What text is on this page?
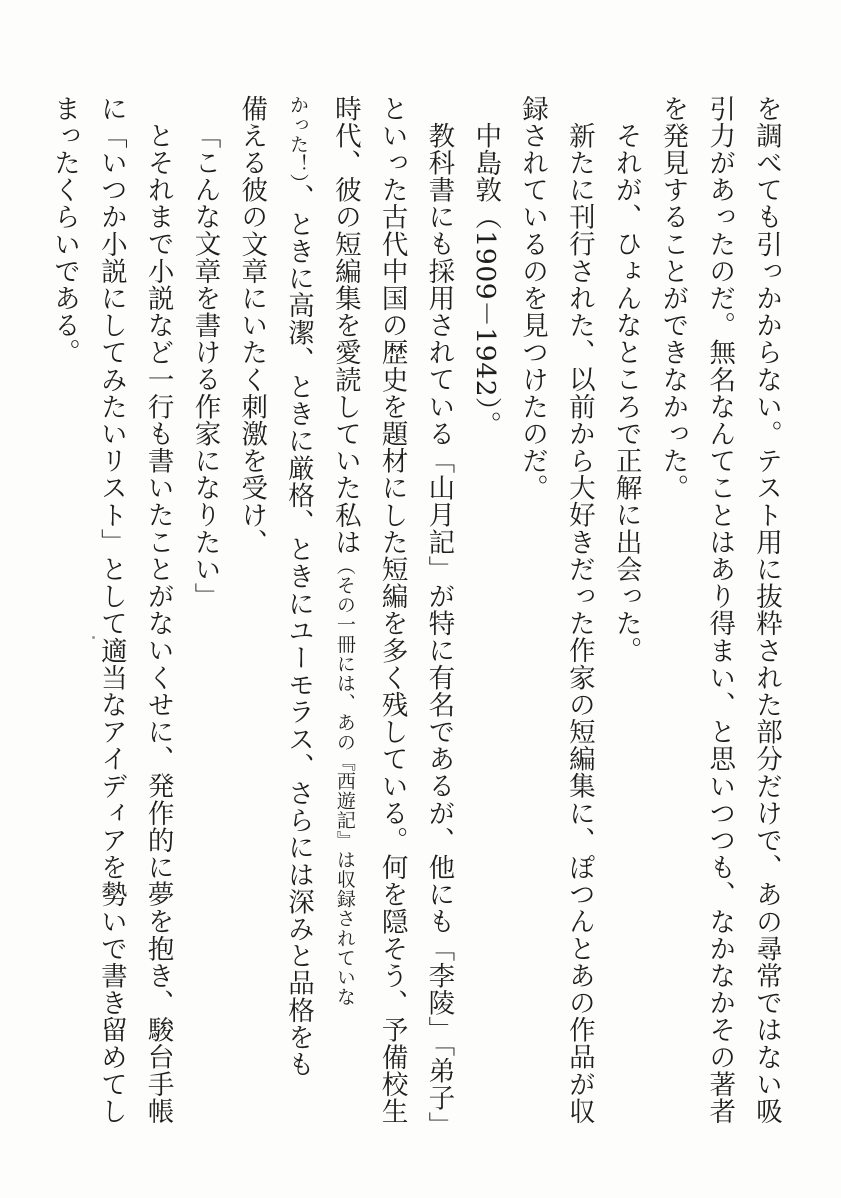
を調べても引っかからない。テスト用に抜粋された部分だけで、あの尋常ではない吸
引力があったのだ。無名なんてことはあり得まい、と思いつつも、なかなかその著者
を発見することができなかった。
それが、ひょんなところで正解に出会った。
新たに刊行された、以前から大好きだった作家の短編集に、ぽつんとあの作品が収
録されているのを見つけたのだ。
中島敦（1909－1942）。
教科書にも採用されている「山月記」が特に有名であるが、他にも「李陵」「弟子」
といった古代中国の歴史を題材にした短編を多く残している。何を隠そう、予備校生
時代、彼の短編集を愛読していた私は（その一冊には、あの『西遊記』は収録されていな
かった！）、ときに高潔、ときに厳格、ときにユーモラス、さらには深みと品格をも
備える彼の文章にいたく刺激を受け、
「こんな文章を書ける作家になりたい」
とそれまで小説など一行も書いたことがないくせに、発作的に夢を抱き、駿台手帳
に「いつか小説にしてみたいリスト」として適当なアイディアを勢いで書き留めてし
まったくらいである。
